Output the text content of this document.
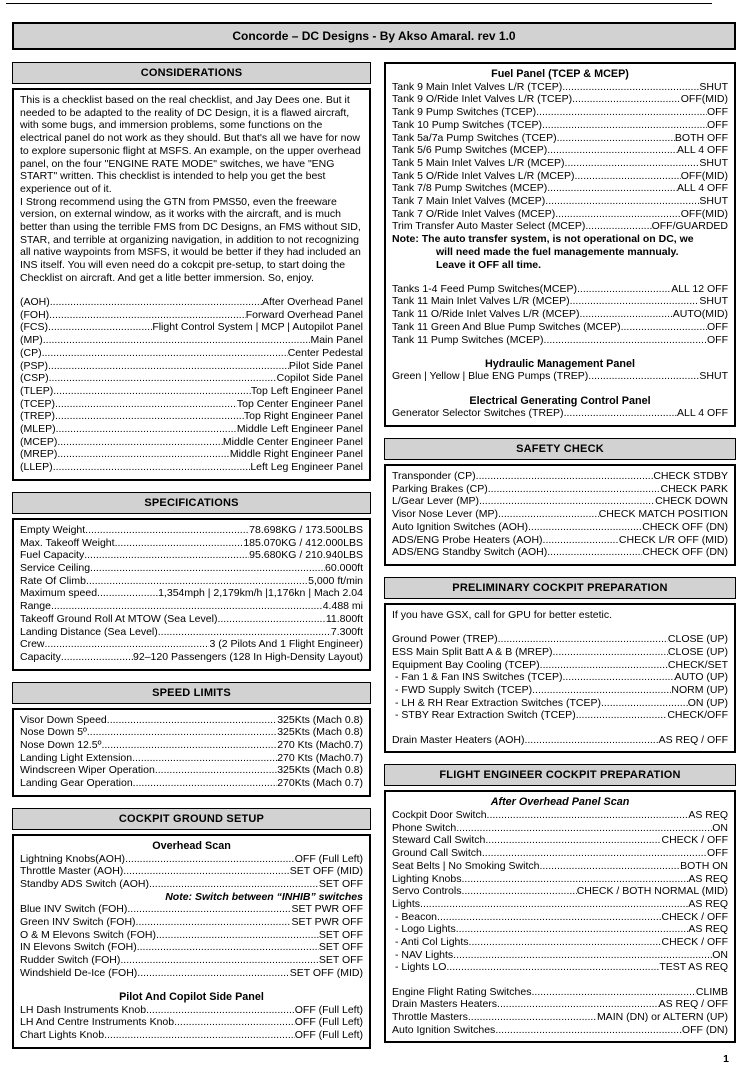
Concorde – DC Designs - By Akso Amaral. rev 1.0
CONSIDERATIONS
This is a checklist based on the real checklist, and Jay Dees one. But it needed to be adapted to the reality of DC Design, it is a flawed aircraft, with some bugs, and immersion problems, some functions on the electrical panel do not work as they should. But that's all we have for now to explore supersonic flight at MSFS. An example, on the upper overhead panel, on the four "ENGINE RATE MODE" switches, we have "ENG START" written. This checklist is intended to help you get the best experience out of it.
I Strong recommend using the GTN from PMS50, even the freeware version, on external window, as it works with the aircraft, and is much better than using the terrible FMS from DC Designs, an FMS without SID, STAR, and terrible at organizing navigation, in addition to not recognizing all native waypoints from MSFS, it would be better if they had included an INS itself. You will even need do a cokcpit pre-setup, to start doing the Checklist on aircraft. And get a litle better immersion. So, enjoy.
(AOH) .....	After Overhead Panel
(FOH) .....	Forward Overhead Panel
(FCS) .....	Flight Control System | MCP | Autopilot Panel
(MP) .....	Main Panel
(CP) .....	Center Pedestal
(PSP) .....	Pilot Side Panel
(CSP) .....	Copilot Side Panel
(TLEP) .....	Top Left Engineer Panel
(TCEP) .....	Top Center Engineer Panel
(TREP) .....	Top Right Engineer Panel
(MLEP) .....	Middle Left Engineer Panel
(MCEP) .....	Middle Center Engineer Panel
(MREP) .....	Middle Right Engineer Panel
(LLEP) .....	Left Leg Engineer Panel
SPECIFICATIONS
Empty Weight .....	78.698KG / 173.500LBS
Max. Takeoff Weight .....	185.070KG / 412.000LBS
Fuel Capacity .....	95.680KG / 210.940LBS
Service Ceiling .....	60.000ft
Rate Of Climb .....	5,000 ft/min
Maximum speed .....	1,354mph | 2,179km/h |1,176kn | Mach 2.04
Range .....	4.488 mi
Takeoff Ground Roll At MTOW (Sea Level) .....	11.800ft
Landing Distance (Sea Level) .....	7.300ft
Crew .....	3 (2 Pilots And 1 Flight Engineer)
Capacity .....	92–120 Passengers (128 In High-Density Layout)
SPEED LIMITS
Visor Down Speed .....	325Kts (Mach 0.8)
Nose Down 5º .....	325Kts (Mach 0.8)
Nose Down 12.5º .....	270 Kts (Mach0.7)
Landing Light Extension .....	270 Kts (Mach0.7)
Windscreen Wiper Operation .....	325Kts (Mach 0.8)
Landing Gear Operation .....	270Kts (Mach 0.7)
COCKPIT GROUND SETUP
Overhead Scan
Lightning Knobs(AOH) .....	OFF (Full Left)
Throttle Master (AOH) .....	SET OFF (MID)
Standby ADS Switch (AOH) .....	SET OFF
Note: Switch between “INHIB” switches
Blue INV Switch (FOH) .....	SET PWR OFF
Green INV Switch (FOH) .....	SET PWR OFF
O & M Elevons Switch (FOH) .....	SET OFF
IN Elevons Switch (FOH) .....	SET OFF
Rudder Switch (FOH) .....	SET OFF
Windshield De-Ice (FOH) .....	SET OFF (MID)
Pilot And Copilot Side Panel
LH Dash Instruments Knob .....	OFF (Full Left)
LH And Centre Instruments Knob .....	OFF (Full Left)
Chart Lights Knob .....	OFF (Full Left)
Fuel Panel (TCEP & MCEP)
Tank 9 Main Inlet Valves L/R (TCEP) .....	SHUT
Tank 9 O/Ride Inlet Valves L/R (TCEP) .....	OFF(MID)
Tank 9 Pump Switches (TCEP) .....	OFF
Tank 10 Pump Switches (TCEP) .....	OFF
Tank 5a/7a Pump Switches (TCEP) .....	BOTH OFF
Tank 5/6 Pump Switches (MCEP) .....	ALL 4 OFF
Tank 5 Main Inlet Valves L/R (MCEP) .....	SHUT
Tank 5 O/Ride Inlet Valves L/R (MCEP) .....	OFF(MID)
Tank 7/8 Pump Switches (MCEP) .....	ALL 4 OFF
Tank 7 Main Inlet Valves (MCEP) .....	SHUT
Tank 7 O/Ride Inlet Valves (MCEP) .....	OFF(MID)
Trim Transfer Auto Master Select (MCEP) .....	OFF/GUARDED
Note: The auto transfer system, is not operational on DC, we
will need made the fuel managemente mannualy.
Leave it OFF all time.
Tanks 1-4 Feed Pump Switches(MCEP) .....	ALL 12 OFF
Tank 11 Main Inlet Valves L/R (MCEP) .....	SHUT
Tank 11 O/Ride Inlet Valves L/R (MCEP) .....	AUTO(MID)
Tank 11 Green And Blue Pump Switches (MCEP) .....	OFF
Tank 11 Pump Switches (MCEP) .....	OFF
Hydraulic Management Panel
Green | Yellow | Blue ENG Pumps (TREP) .....	SHUT
Electrical Generating Control Panel
Generator Selector Switches (TREP) .....	ALL 4 OFF
SAFETY CHECK
Transponder (CP) .....	CHECK STDBY
Parking Brakes (CP) .....	CHECK PARK
L/Gear Lever (MP) .....	CHECK DOWN
Visor Nose Lever (MP) .....	CHECK MATCH POSITION
Auto Ignition Switches (AOH) .....	CHECK OFF (DN)
ADS/ENG Probe Heaters (AOH) .....	CHECK L/R OFF (MID)
ADS/ENG Standby Switch (AOH) .....	CHECK OFF (DN)
PRELIMINARY COCKPIT PREPARATION
If you have GSX, call for GPU for better estetic.
Ground Power (TREP) .....	CLOSE (UP)
ESS Main Split Batt A & B (MREP) .....	CLOSE (UP)
Equipment Bay Cooling (TCEP) .....	CHECK/SET
- Fan 1 & Fan INS Switches (TCEP) .....	AUTO (UP)
- FWD Supply Switch (TCEP) .....	NORM (UP)
- LH & RH Rear Extraction Switches (TCEP) .....	ON (UP)
- STBY Rear Extraction Switch (TCEP) .....	CHECK/OFF
Drain Master Heaters (AOH) .....	AS REQ / OFF
FLIGHT ENGINEER COCKPIT PREPARATION
After Overhead Panel Scan
Cockpit Door Switch .....	AS REQ
Phone Switch .....	ON
Steward Call Switch .....	CHECK / OFF
Ground Call Switch .....	OFF
Seat Belts | No Smoking Switch .....	BOTH ON
Lighting Knobs .....	AS REQ
Servo Controls .....	CHECK / BOTH NORMAL (MID)
Lights .....	AS REQ
- Beacon .....	CHECK / OFF
- Logo Lights .....	AS REQ
- Anti Col Lights .....	CHECK / OFF
- NAV Lights .....	ON
- Lights LO .....	TEST AS REQ
Engine Flight Rating Switches .....	CLIMB
Drain Masters Heaters .....	AS REQ / OFF
Throttle Masters .....	MAIN (DN) or ALTERN (UP)
Auto Ignition Switches .....	OFF (DN)
1
